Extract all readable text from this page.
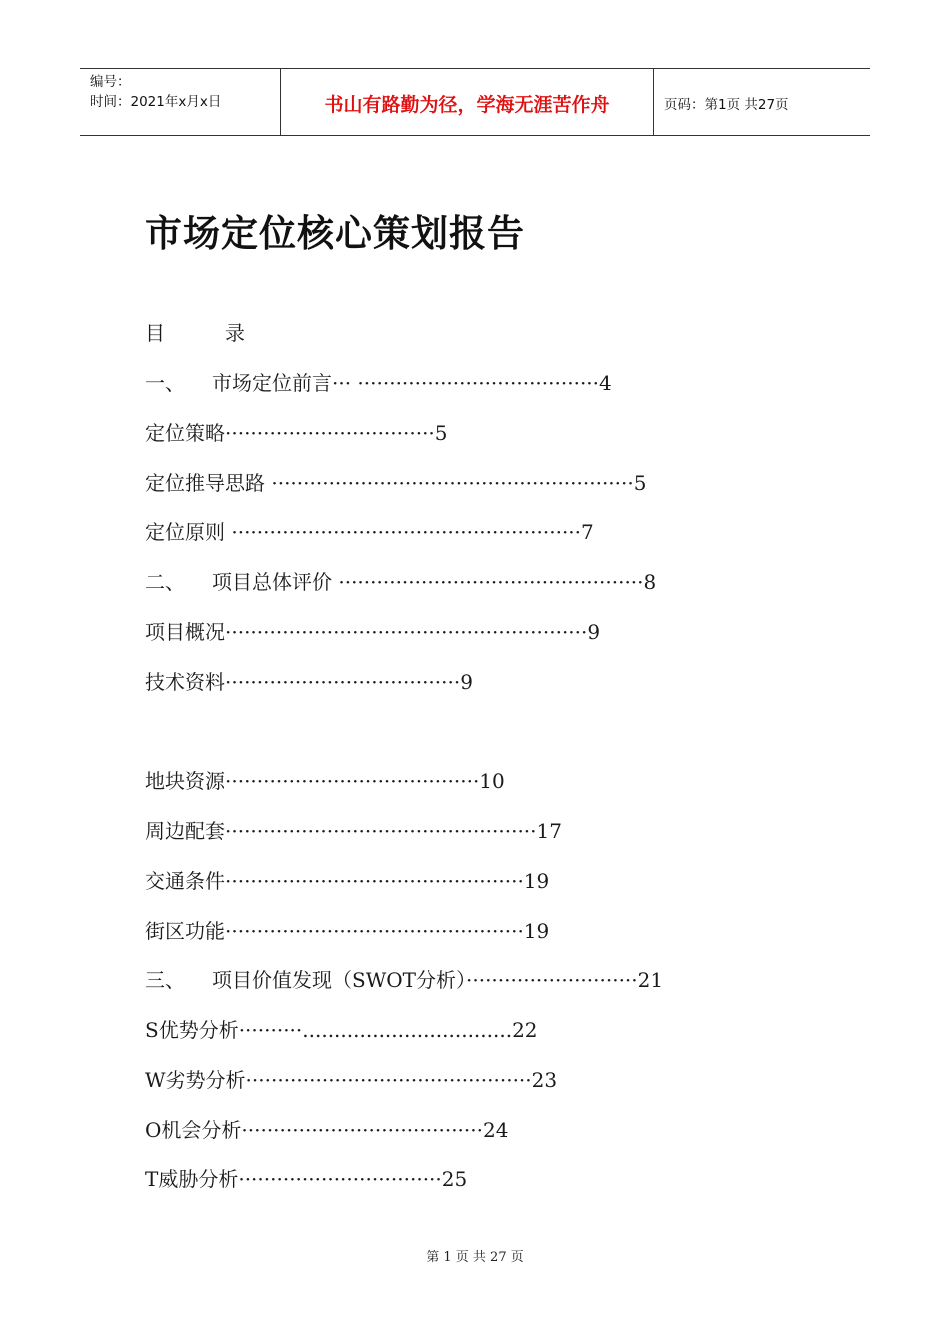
编号：
时间：2021年x月x日	书山有路勤为径，学海无涯苦作舟	页码：第1页 共27页
市场定位核心策划报告
目　　　录
一、 市场定位前言··· ······································4
定位策略·································5
定位推导思路 ·························································5
定位原则 ·······················································7
二、 项目总体评价 ················································8
项目概况·························································9
技术资料·····································9
地块资源········································10
周边配套·················································17
交通条件···············································19
街区功能···············································19
三、 项目价值发现（SWOT分析）···························21
S优势分析··········.................................22
W劣势分析·············································23
O机会分析······································24
T威胁分析································25
第 1 页 共 27 页
